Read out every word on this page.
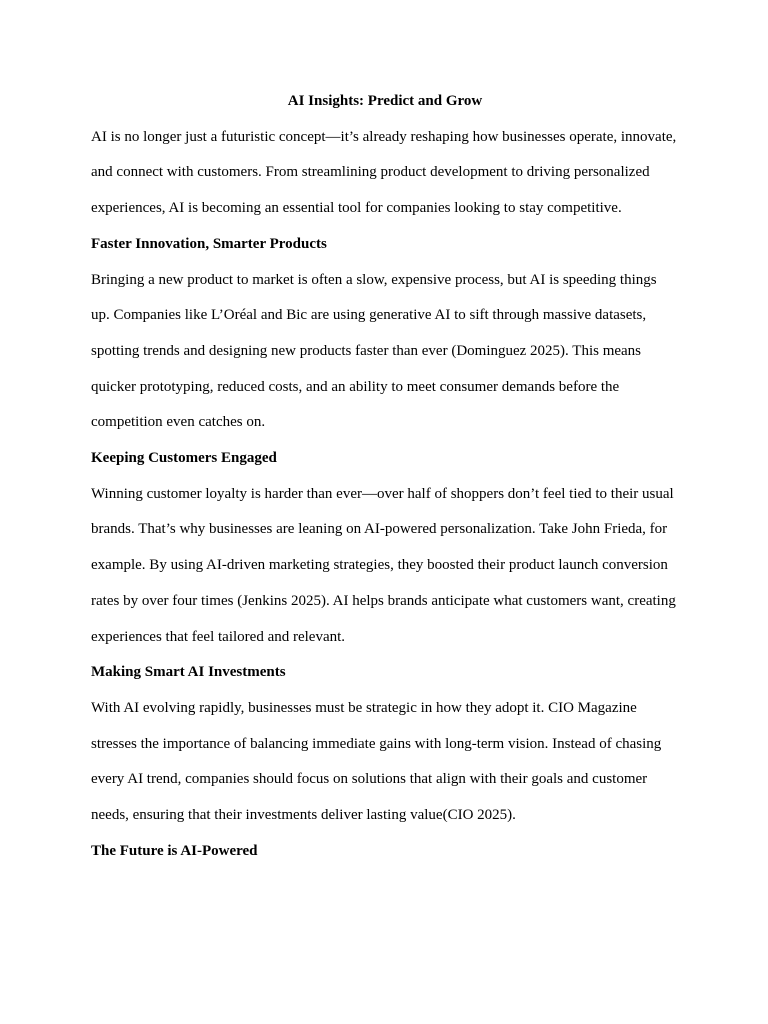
AI Insights: Predict and Grow

AI is no longer just a futuristic concept—it’s already reshaping how businesses operate, innovate, and connect with customers. From streamlining product development to driving personalized experiences, AI is becoming an essential tool for companies looking to stay competitive.

Faster Innovation, Smarter Products

Bringing a new product to market is often a slow, expensive process, but AI is speeding things up. Companies like L’Oréal and Bic are using generative AI to sift through massive datasets, spotting trends and designing new products faster than ever (Dominguez 2025). This means quicker prototyping, reduced costs, and an ability to meet consumer demands before the competition even catches on.

Keeping Customers Engaged

Winning customer loyalty is harder than ever—over half of shoppers don’t feel tied to their usual brands. That’s why businesses are leaning on AI-powered personalization. Take John Frieda, for example. By using AI-driven marketing strategies, they boosted their product launch conversion rates by over four times (Jenkins 2025). AI helps brands anticipate what customers want, creating experiences that feel tailored and relevant.

Making Smart AI Investments

With AI evolving rapidly, businesses must be strategic in how they adopt it. CIO Magazine stresses the importance of balancing immediate gains with long-term vision. Instead of chasing every AI trend, companies should focus on solutions that align with their goals and customer needs, ensuring that their investments deliver lasting value(CIO 2025).

The Future is AI-Powered
